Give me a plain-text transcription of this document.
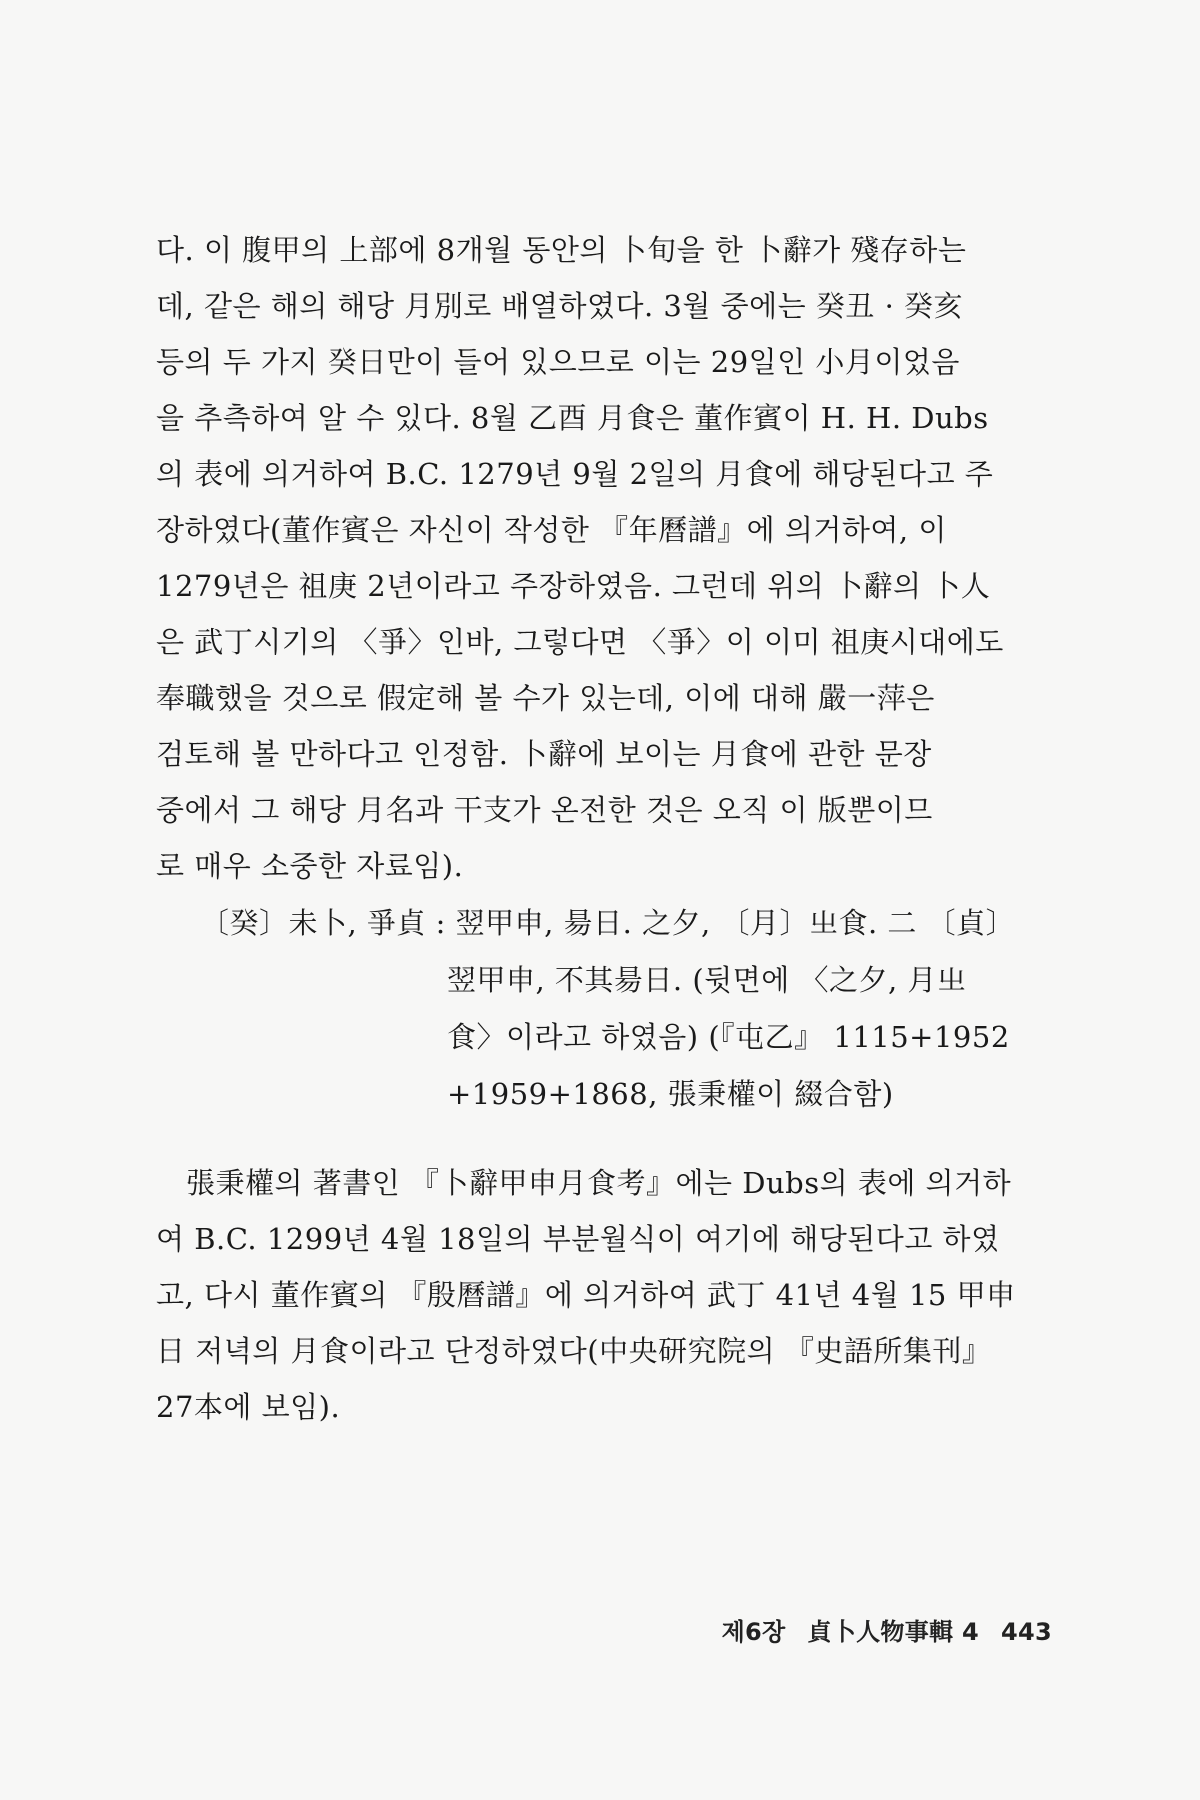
다. 이 腹甲의 上部에 8개월 동안의 卜旬을 한 卜辭가 殘存하는
데, 같은 해의 해당 月別로 배열하였다. 3월 중에는 癸丑 · 癸亥
등의 두 가지 癸日만이 들어 있으므로 이는 29일인 小月이었음
을 추측하여 알 수 있다. 8월 乙酉 月食은 董作賓이 H. H. Dubs
의 表에 의거하여 B.C. 1279년 9월 2일의 月食에 해당된다고 주
장하였다(董作賓은 자신이 작성한 『年曆譜』에 의거하여, 이
1279년은 祖庚 2년이라고 주장하였음. 그런데 위의 卜辭의 卜人
은 武丁시기의 〈爭〉인바, 그렇다면 〈爭〉이 이미 祖庚시대에도
奉職했을 것으로 假定해 볼 수가 있는데, 이에 대해 嚴一萍은
검토해 볼 만하다고 인정함. 卜辭에 보이는 月食에 관한 문장
중에서 그 해당 月名과 干支가 온전한 것은 오직 이 版뿐이므
로 매우 소중한 자료임).
〔癸〕未卜, 爭貞 : 翌甲申, 昜日. 之夕, 〔月〕㞢食. 二 〔貞〕
翌甲申, 不其昜日. (뒷면에 〈之夕, 月㞢
食〉이라고 하였음) (『屯乙』 1115+1952
+1959+1868, 張秉權이 綴合함)
張秉權의 著書인 『卜辭甲申月食考』에는 Dubs의 表에 의거하
여 B.C. 1299년 4월 18일의 부분월식이 여기에 해당된다고 하였
고, 다시 董作賓의 『殷曆譜』에 의거하여 武丁 41년 4월 15 甲申
日 저녁의 月食이라고 단정하였다(中央研究院의 『史語所集刊』
27本에 보임).
제6장 貞卜人物事輯 4 443
